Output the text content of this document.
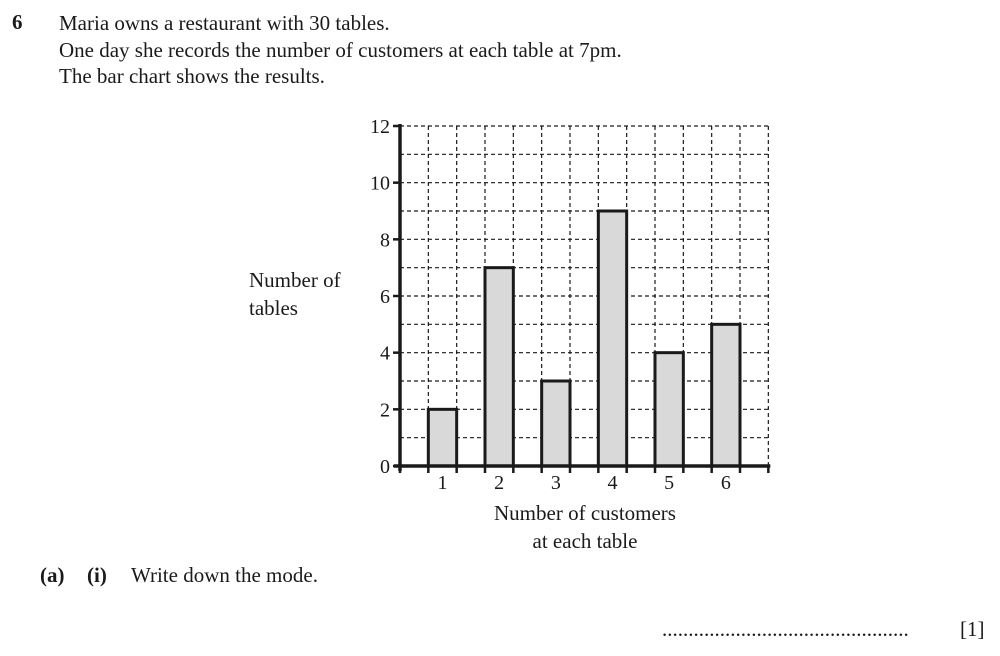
6 Maria owns a restaurant with 30 tables.
One day she records the number of customers at each table at 7pm.
The bar chart shows the results.
Number of
tables
0
2
4
6
8
10
12
1 2 3 4 5 6
Number of customers
at each table
(a) (i) Write down the mode.
............................................... [1]
